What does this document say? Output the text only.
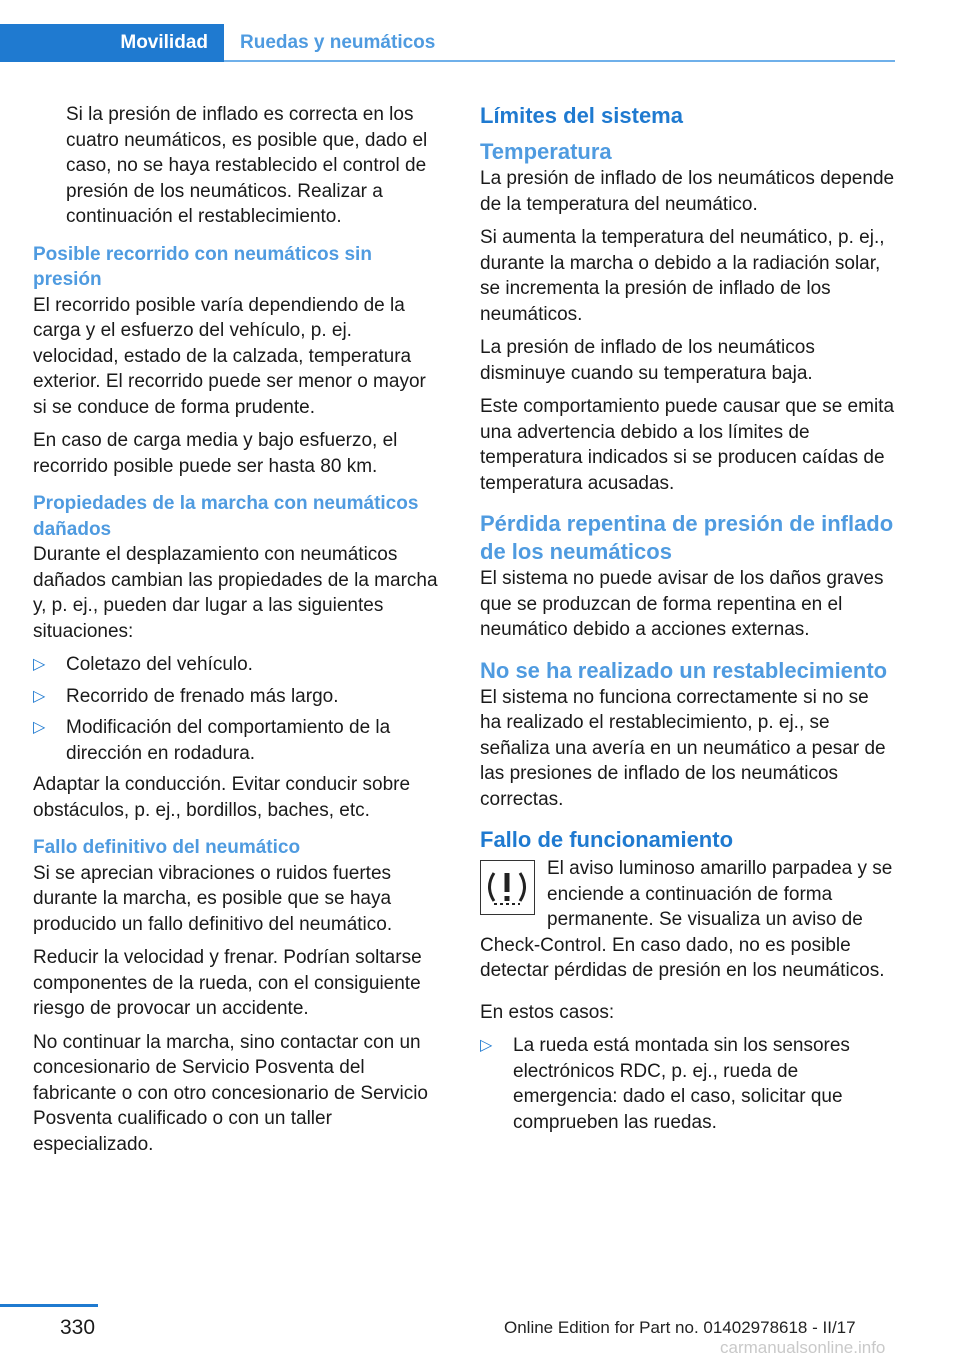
Movilidad	Ruedas y neumáticos

Si la presión de inflado es correcta en los cuatro neumáticos, es posible que, dado el caso, no se haya restablecido el control de presión de los neumáticos. Realizar a continuación el restablecimiento.

Posible recorrido con neumáticos sin presión

El recorrido posible varía dependiendo de la carga y el esfuerzo del vehículo, p. ej. velocidad, estado de la calzada, temperatura exterior. El recorrido puede ser menor o mayor si se conduce de forma prudente.

En caso de carga media y bajo esfuerzo, el recorrido posible puede ser hasta 80 km.

Propiedades de la marcha con neumáticos dañados

Durante el desplazamiento con neumáticos dañados cambian las propiedades de la marcha y, p. ej., pueden dar lugar a las siguientes situaciones:

▷ Coletazo del vehículo.
▷ Recorrido de frenado más largo.
▷ Modificación del comportamiento de la dirección en rodadura.

Adaptar la conducción. Evitar conducir sobre obstáculos, p. ej., bordillos, baches, etc.

Fallo definitivo del neumático

Si se aprecian vibraciones o ruidos fuertes durante la marcha, es posible que se haya producido un fallo definitivo del neumático.

Reducir la velocidad y frenar. Podrían soltarse componentes de la rueda, con el consiguiente riesgo de provocar un accidente.

No continuar la marcha, sino contactar con un concesionario de Servicio Posventa del fabricante o con otro concesionario de Servicio Posventa cualificado o con un taller especializado.

Límites del sistema
Temperatura

La presión de inflado de los neumáticos depende de la temperatura del neumático.

Si aumenta la temperatura del neumático, p. ej., durante la marcha o debido a la radiación solar, se incrementa la presión de inflado de los neumáticos.

La presión de inflado de los neumáticos disminuye cuando su temperatura baja.

Este comportamiento puede causar que se emita una advertencia debido a los límites de temperatura indicados si se producen caídas de temperatura acusadas.

Pérdida repentina de presión de inflado de los neumáticos

El sistema no puede avisar de los daños graves que se produzcan de forma repentina en el neumático debido a acciones externas.

No se ha realizado un restablecimiento

El sistema no funciona correctamente si no se ha realizado el restablecimiento, p. ej., se señaliza una avería en un neumático a pesar de las presiones de inflado de los neumáticos correctas.

Fallo de funcionamiento

El aviso luminoso amarillo parpadea y se enciende a continuación de forma permanente. Se visualiza un aviso de

Check-Control. En caso dado, no es posible detectar pérdidas de presión en los neumáticos.

En estos casos:

▷ La rueda está montada sin los sensores electrónicos RDC, p. ej., rueda de emergencia: dado el caso, solicitar que comprueben las ruedas.
330	Online Edition for Part no. 01402978618 - II/17
carmanualsonline.info
